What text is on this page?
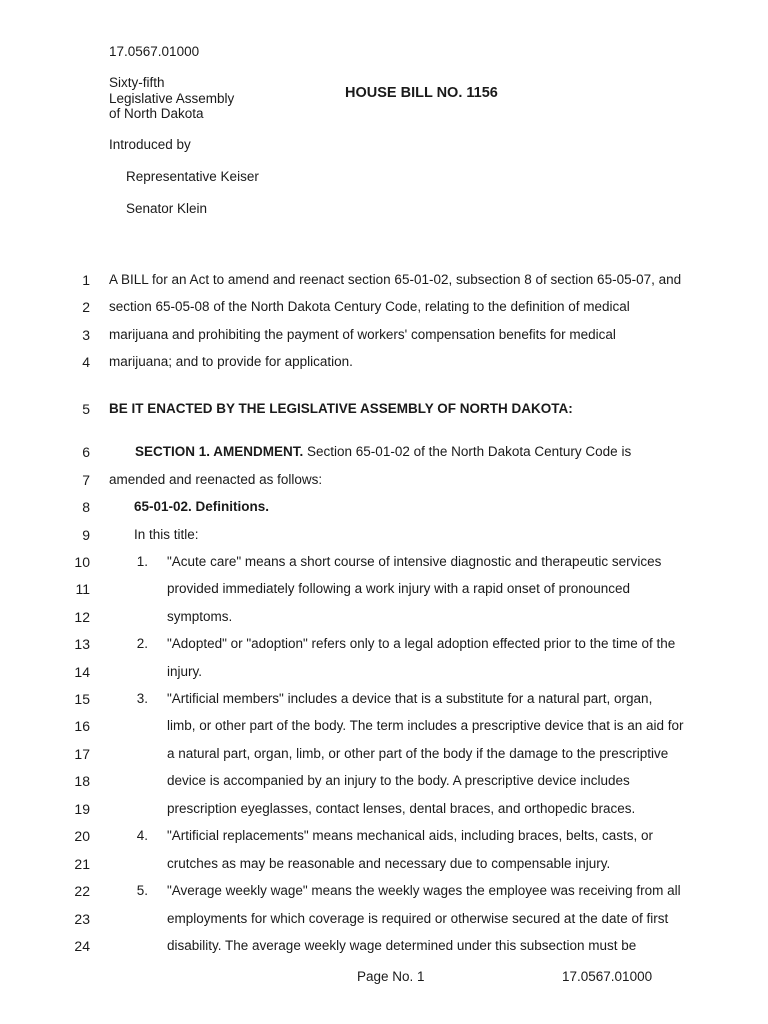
17.0567.01000
Sixty-fifth
Legislative Assembly
of North Dakota
HOUSE BILL NO. 1156
Introduced by
Representative Keiser
Senator Klein
1
2
3
4
5
6
7
8
9
10
11
12
13
14
15
16
17
18
19
20
21
22
23
24
A BILL for an Act to amend and reenact section 65-01-02, subsection 8 of section 65-05-07, and
section 65-05-08 of the North Dakota Century Code, relating to the definition of medical
marijuana and prohibiting the payment of workers' compensation benefits for medical
marijuana; and to provide for application.
BE IT ENACTED BY THE LEGISLATIVE ASSEMBLY OF NORTH DAKOTA:
SECTION 1. AMENDMENT. Section 65-01-02 of the North Dakota Century Code is
amended and reenacted as follows:
65-01-02. Definitions.
In this title:
1. "Acute care" means a short course of intensive diagnostic and therapeutic services
provided immediately following a work injury with a rapid onset of pronounced
symptoms.
2. "Adopted" or "adoption" refers only to a legal adoption effected prior to the time of the
injury.
3. "Artificial members" includes a device that is a substitute for a natural part, organ,
limb, or other part of the body. The term includes a prescriptive device that is an aid for
a natural part, organ, limb, or other part of the body if the damage to the prescriptive
device is accompanied by an injury to the body. A prescriptive device includes
prescription eyeglasses, contact lenses, dental braces, and orthopedic braces.
4. "Artificial replacements" means mechanical aids, including braces, belts, casts, or
crutches as may be reasonable and necessary due to compensable injury.
5. "Average weekly wage" means the weekly wages the employee was receiving from all
employments for which coverage is required or otherwise secured at the date of first
disability. The average weekly wage determined under this subsection must be
Page No. 1	17.0567.01000
